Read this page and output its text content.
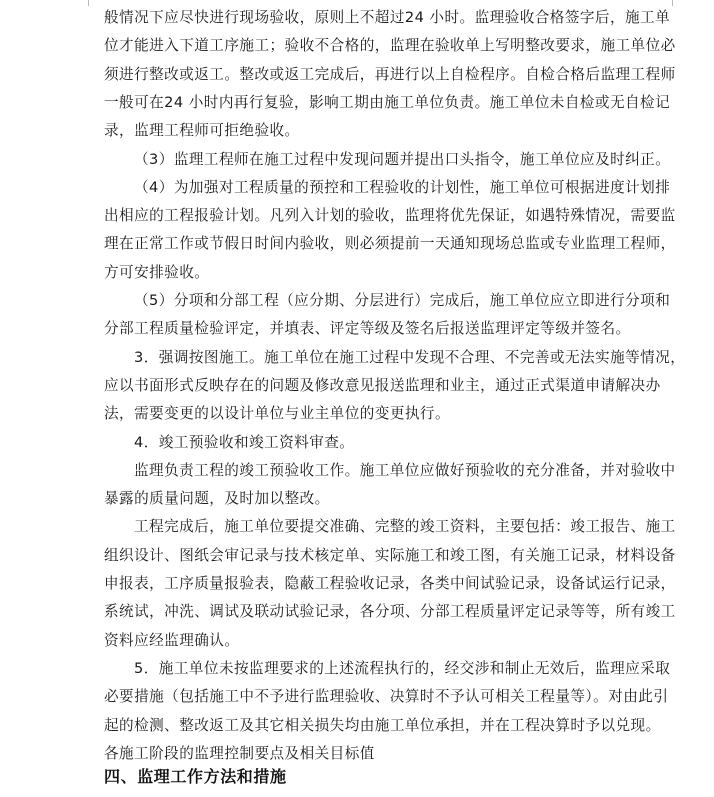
般情况下应尽快进行现场验收，原则上不超过24 小时。监理验收合格签字后，施工单
位才能进入下道工序施工；验收不合格的，监理在验收单上写明整改要求，施工单位必
须进行整改或返工。整改或返工完成后，再进行以上自检程序。自检合格后监理工程师
一般可在24 小时内再行复验，影响工期由施工单位负责。施工单位未自检或无自检记
录，监理工程师可拒绝验收。
（3）监理工程师在施工过程中发现问题并提出口头指令，施工单位应及时纠正。
（4）为加强对工程质量的预控和工程验收的计划性，施工单位可根据进度计划排
出相应的工程报验计划。凡列入计划的验收，监理将优先保证，如遇特殊情况，需要监
理在正常工作或节假日时间内验收，则必须提前一天通知现场总监或专业监理工程师，
方可安排验收。
（5）分项和分部工程（应分期、分层进行）完成后，施工单位应立即进行分项和
分部工程质量检验评定，并填表、评定等级及签名后报送监理评定等级并签名。
3．强调按图施工。施工单位在施工过程中发现不合理、不完善或无法实施等情况，
应以书面形式反映存在的问题及修改意见报送监理和业主，通过正式渠道申请解决办
法，需要变更的以设计单位与业主单位的变更执行。
4．竣工预验收和竣工资料审查。
监理负责工程的竣工预验收工作。施工单位应做好预验收的充分准备，并对验收中
暴露的质量问题，及时加以整改。
工程完成后，施工单位要提交准确、完整的竣工资料，主要包括：竣工报告、施工
组织设计、图纸会审记录与技术核定单、实际施工和竣工图，有关施工记录，材料设备
申报表，工序质量报验表，隐蔽工程验收记录，各类中间试验记录，设备试运行记录，
系统试，冲洗、调试及联动试验记录，各分项、分部工程质量评定记录等等，所有竣工
资料应经监理确认。
5．施工单位未按监理要求的上述流程执行的，经交涉和制止无效后，监理应采取
必要措施（包括施工中不予进行监理验收、决算时不予认可相关工程量等）。对由此引
起的检测、整改返工及其它相关损失均由施工单位承担，并在工程决算时予以兑现。
各施工阶段的监理控制要点及相关目标值
四、监理工作方法和措施
